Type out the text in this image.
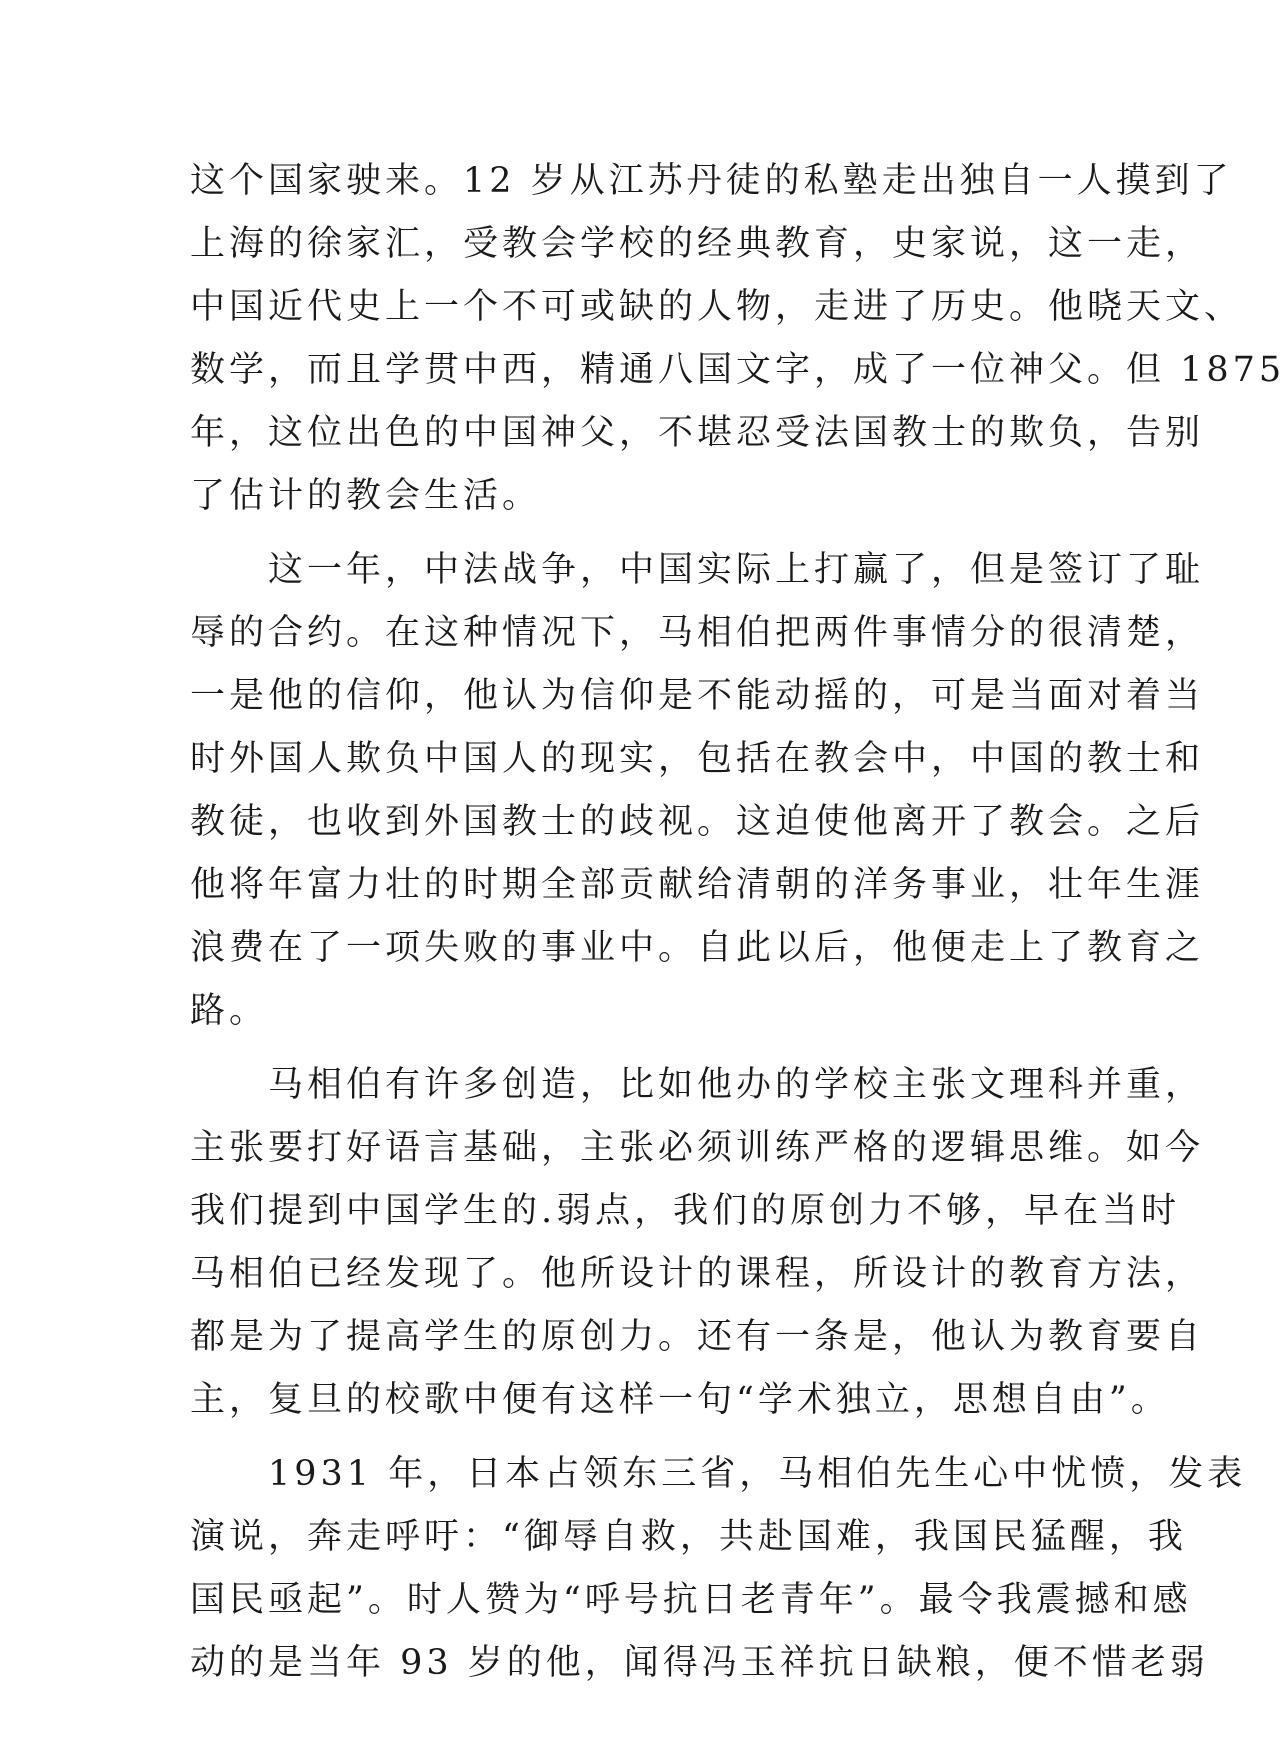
这个国家驶来。12 岁从江苏丹徒的私塾走出独自一人摸到了
上海的徐家汇，受教会学校的经典教育，史家说，这一走，
中国近代史上一个不可或缺的人物，走进了历史。他晓天文、
数学，而且学贯中西，精通八国文字，成了一位神父。但 1875
年，这位出色的中国神父，不堪忍受法国教士的欺负，告别
了估计的教会生活。
　　这一年，中法战争，中国实际上打赢了，但是签订了耻
辱的合约。在这种情况下，马相伯把两件事情分的很清楚，
一是他的信仰，他认为信仰是不能动摇的，可是当面对着当
时外国人欺负中国人的现实，包括在教会中，中国的教士和
教徒，也收到外国教士的歧视。这迫使他离开了教会。之后
他将年富力壮的时期全部贡献给清朝的洋务事业，壮年生涯
浪费在了一项失败的事业中。自此以后，他便走上了教育之
路。
　　马相伯有许多创造，比如他办的学校主张文理科并重，
主张要打好语言基础，主张必须训练严格的逻辑思维。如今
我们提到中国学生的.弱点，我们的原创力不够，早在当时
马相伯已经发现了。他所设计的课程，所设计的教育方法，
都是为了提高学生的原创力。还有一条是，他认为教育要自
主，复旦的校歌中便有这样一句“学术独立，思想自由”。
　　1931 年，日本占领东三省，马相伯先生心中忧愤，发表
演说，奔走呼吁：“御辱自救，共赴国难，我国民猛醒，我
国民亟起”。时人赞为“呼号抗日老青年”。最令我震撼和感
动的是当年 93 岁的他，闻得冯玉祥抗日缺粮，便不惜老弱
